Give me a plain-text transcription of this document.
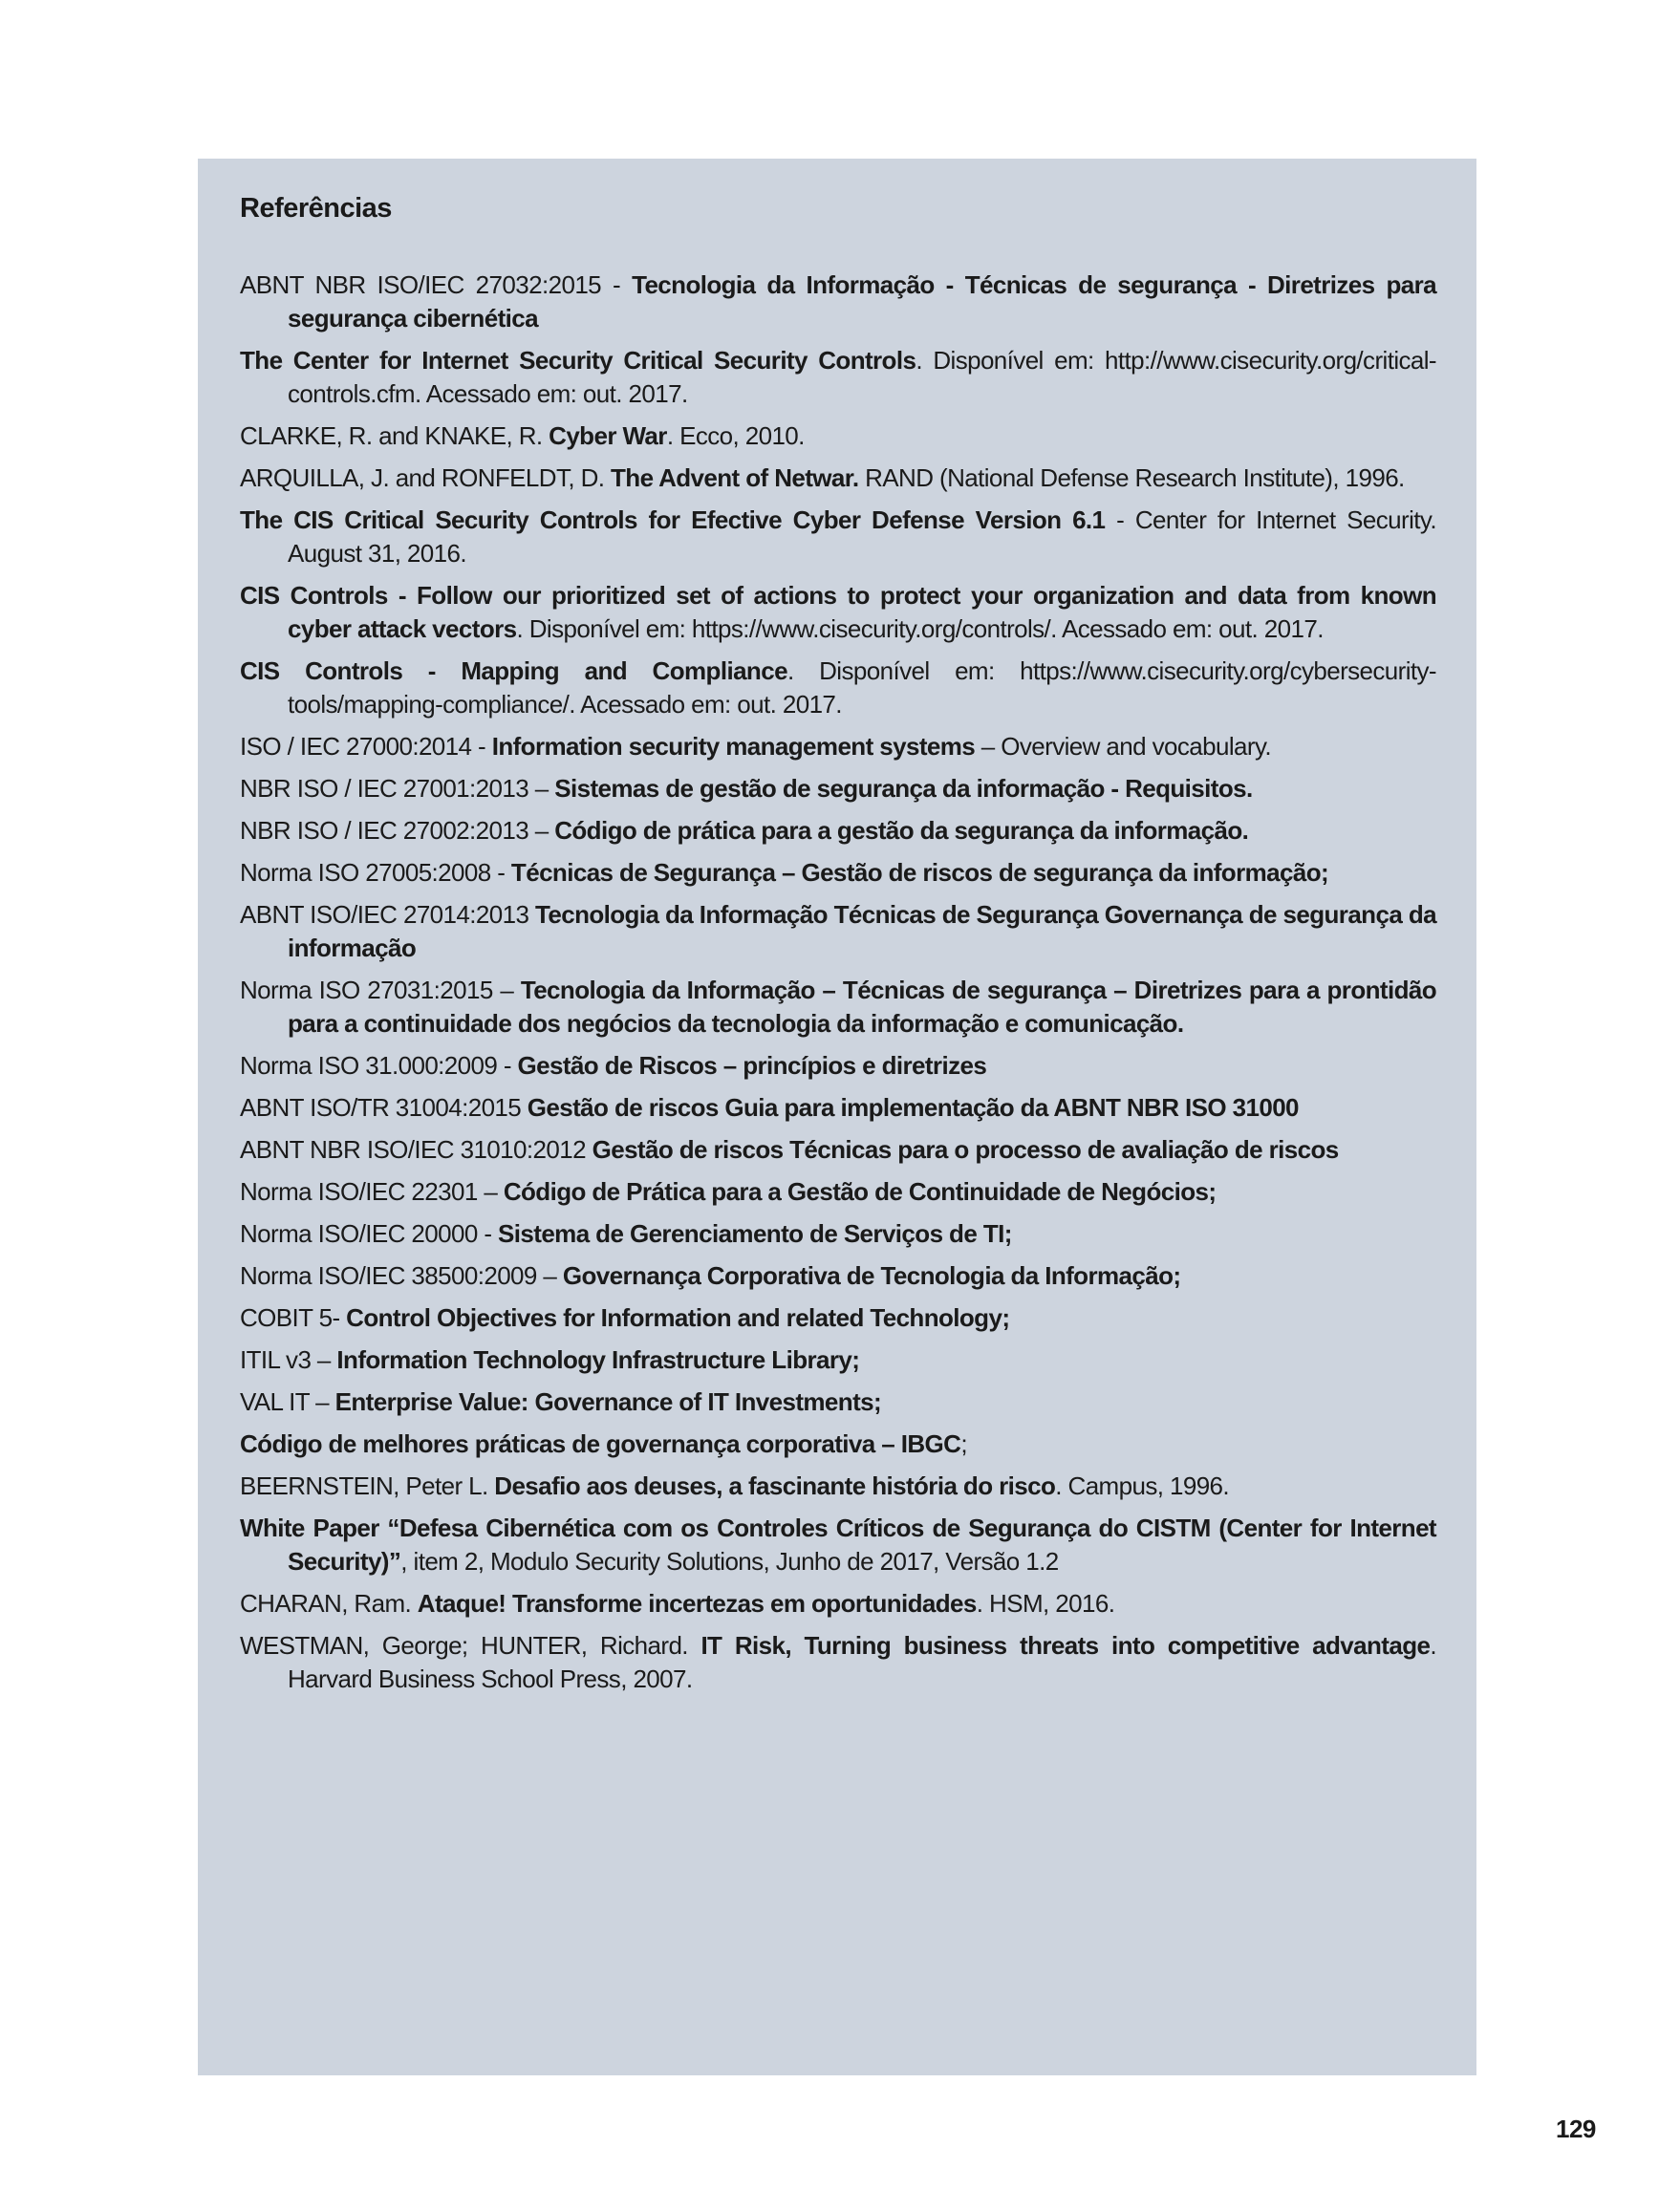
Referências

ABNT NBR ISO/IEC 27032:2015 - Tecnologia da Informação - Técnicas de segurança - Diretrizes para segurança cibernética

The Center for Internet Security Critical Security Controls. Disponível em: http://www.cisecurity.org/critical-controls.cfm. Acessado em: out. 2017.

CLARKE, R. and KNAKE, R. Cyber War. Ecco, 2010.

ARQUILLA, J. and RONFELDT, D. The Advent of Netwar. RAND (National Defense Research Institute), 1996.

The CIS Critical Security Controls for Efective Cyber Defense Version 6.1 - Center for Internet Security. August 31, 2016.

CIS Controls - Follow our prioritized set of actions to protect your organization and data from known cyber attack vectors. Disponível em: https://www.cisecurity.org/controls/. Acessado em: out. 2017.

CIS Controls - Mapping and Compliance. Disponível em: https://www.cisecurity.org/cybersecurity-tools/mapping-compliance/. Acessado em: out. 2017.

ISO / IEC 27000:2014 - Information security management systems – Overview and vocabulary.

NBR ISO / IEC 27001:2013 – Sistemas de gestão de segurança da informação - Requisitos.

NBR ISO / IEC 27002:2013 – Código de prática para a gestão da segurança da informação.

Norma ISO 27005:2008 - Técnicas de Segurança – Gestão de riscos de segurança da informação;

ABNT ISO/IEC 27014:2013 Tecnologia da Informação Técnicas de Segurança Governança de segurança da informação

Norma ISO 27031:2015 – Tecnologia da Informação – Técnicas de segurança – Diretrizes para a prontidão para a continuidade dos negócios da tecnologia da informação e comunicação.

Norma ISO 31.000:2009 - Gestão de Riscos – princípios e diretrizes

ABNT ISO/TR 31004:2015 Gestão de riscos Guia para implementação da ABNT NBR ISO 31000

ABNT NBR ISO/IEC 31010:2012 Gestão de riscos Técnicas para o processo de avaliação de riscos

Norma ISO/IEC 22301 – Código de Prática para a Gestão de Continuidade de Negócios;

Norma ISO/IEC 20000 - Sistema de Gerenciamento de Serviços de TI;

Norma ISO/IEC 38500:2009 – Governança Corporativa de Tecnologia da Informação;

COBIT 5- Control Objectives for Information and related Technology;

ITIL v3 – Information Technology Infrastructure Library;

VAL IT – Enterprise Value: Governance of IT Investments;

Código de melhores práticas de governança corporativa – IBGC;

BEERNSTEIN, Peter L. Desafio aos deuses, a fascinante história do risco. Campus, 1996.

White Paper “Defesa Cibernética com os Controles Críticos de Segurança do CISTM (Center for Internet Security)”, item 2, Modulo Security Solutions, Junho de 2017, Versão 1.2

CHARAN, Ram. Ataque! Transforme incertezas em oportunidades. HSM, 2016.

WESTMAN, George; HUNTER, Richard. IT Risk, Turning business threats into competitive advantage. Harvard Business School Press, 2007.

129
